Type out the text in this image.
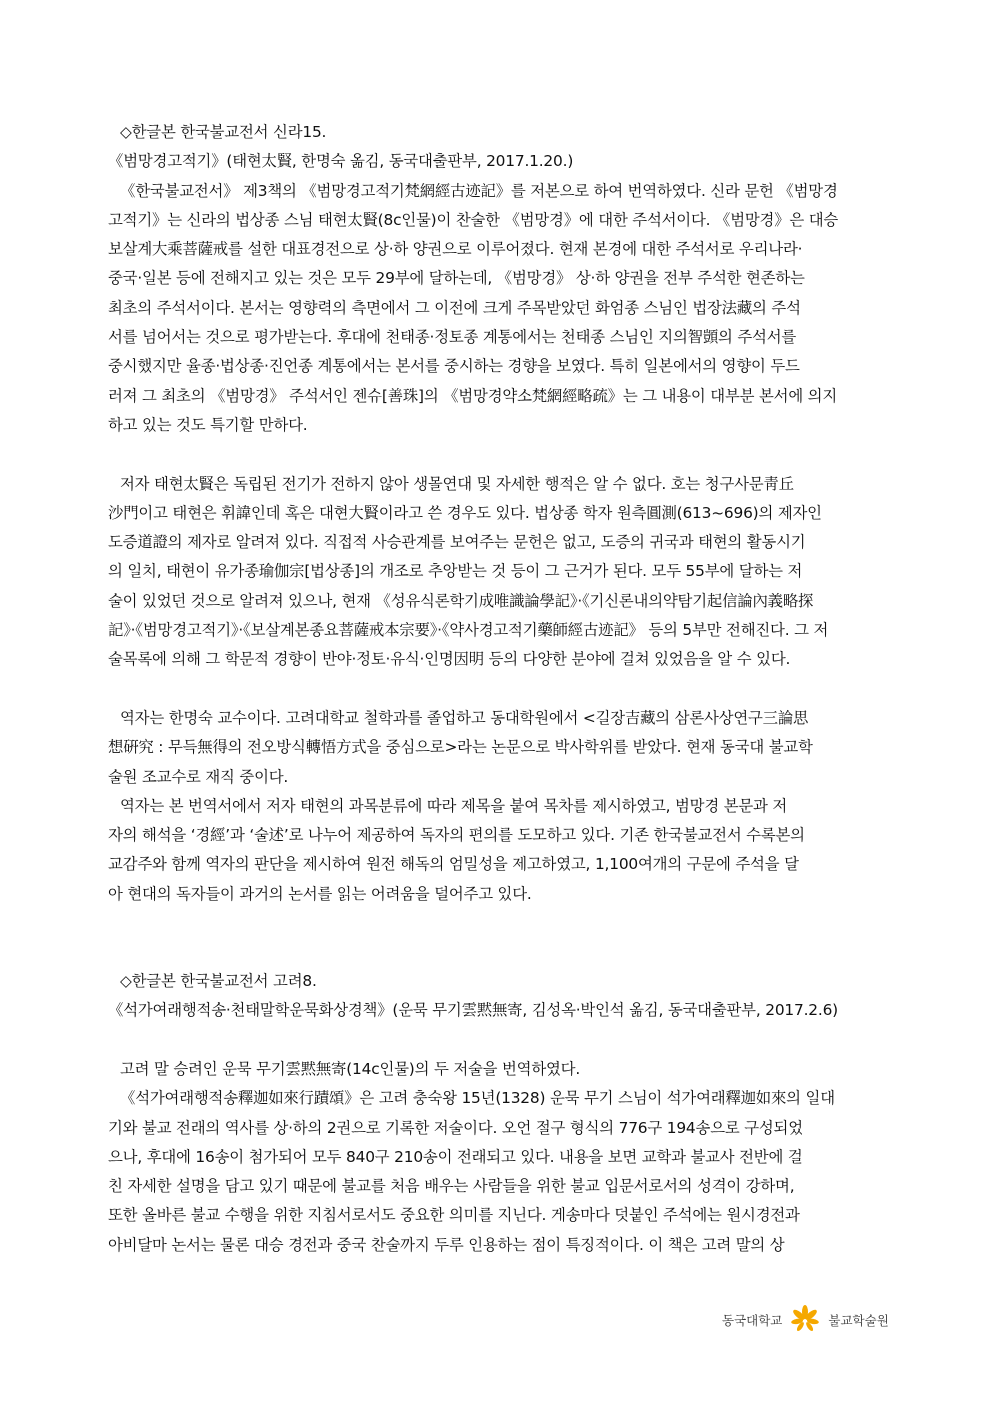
◇한글본 한국불교전서 신라15.
《범망경고적기》(태현太賢, 한명숙 옮김, 동국대출판부, 2017.1.20.)
《한국불교전서》 제3책의 《범망경고적기梵網經古迹記》를 저본으로 하여 번역하였다. 신라 문헌 《범망경
고적기》는 신라의 법상종 스님 태현太賢(8c인물)이 찬술한 《범망경》에 대한 주석서이다. 《범망경》은 대승
보살계大乘菩薩戒를 설한 대표경전으로 상·하 양권으로 이루어졌다. 현재 본경에 대한 주석서로 우리나라·
중국·일본 등에 전해지고 있는 것은 모두 29부에 달하는데, 《범망경》 상·하 양권을 전부 주석한 현존하는
최초의 주석서이다. 본서는 영향력의 측면에서 그 이전에 크게 주목받았던 화엄종 스님인 법장法藏의 주석
서를 넘어서는 것으로 평가받는다. 후대에 천태종·정토종 계통에서는 천태종 스님인 지의智顗의 주석서를
중시했지만 율종·법상종·진언종 계통에서는 본서를 중시하는 경향을 보였다. 특히 일본에서의 영향이 두드
러져 그 최초의 《범망경》 주석서인 젠슈[善珠]의 《범망경약소梵網經略疏》는 그 내용이 대부분 본서에 의지
하고 있는 것도 특기할 만하다.
저자 태현太賢은 독립된 전기가 전하지 않아 생몰연대 및 자세한 행적은 알 수 없다. 호는 청구사문靑丘
沙門이고 태현은 휘諱인데 혹은 대현大賢이라고 쓴 경우도 있다. 법상종 학자 원측圓測(613~696)의 제자인
도증道證의 제자로 알려져 있다. 직접적 사승관계를 보여주는 문헌은 없고, 도증의 귀국과 태현의 활동시기
의 일치, 태현이 유가종瑜伽宗[법상종]의 개조로 추앙받는 것 등이 그 근거가 된다. 모두 55부에 달하는 저
술이 있었던 것으로 알려져 있으나, 현재 《성유식론학기成唯識論學記》·《기신론내의약탐기起信論內義略探
記》·《범망경고적기》·《보살계본종요菩薩戒本宗要》·《약사경고적기藥師經古迹記》 등의 5부만 전해진다. 그 저
술목록에 의해 그 학문적 경향이 반야·정토·유식·인명因明 등의 다양한 분야에 걸쳐 있었음을 알 수 있다.
역자는 한명숙 교수이다. 고려대학교 철학과를 졸업하고 동대학원에서 <길장吉藏의 삼론사상연구三論思
想硏究 : 무득無得의 전오방식轉悟方式을 중심으로>라는 논문으로 박사학위를 받았다. 현재 동국대 불교학
술원 조교수로 재직 중이다.
역자는 본 번역서에서 저자 태현의 과목분류에 따라 제목을 붙여 목차를 제시하였고, 범망경 본문과 저
자의 해석을 ‘경經’과 ‘술述’로 나누어 제공하여 독자의 편의를 도모하고 있다. 기존 한국불교전서 수록본의
교감주와 함께 역자의 판단을 제시하여 원전 해독의 엄밀성을 제고하였고, 1,100여개의 구문에 주석을 달
아 현대의 독자들이 과거의 논서를 읽는 어려움을 덜어주고 있다.
◇한글본 한국불교전서 고려8.
《석가여래행적송·천태말학운묵화상경책》(운묵 무기雲黙無寄, 김성옥·박인석 옮김, 동국대출판부, 2017.2.6)
고려 말 승려인 운묵 무기雲黙無寄(14c인물)의 두 저술을 번역하였다.
《석가여래행적송釋迦如來行蹟頌》은 고려 충숙왕 15년(1328) 운묵 무기 스님이 석가여래釋迦如來의 일대
기와 불교 전래의 역사를 상·하의 2권으로 기록한 저술이다. 오언 절구 형식의 776구 194송으로 구성되었
으나, 후대에 16송이 첨가되어 모두 840구 210송이 전래되고 있다. 내용을 보면 교학과 불교사 전반에 걸
친 자세한 설명을 담고 있기 때문에 불교를 처음 배우는 사람들을 위한 불교 입문서로서의 성격이 강하며,
또한 올바른 불교 수행을 위한 지침서로서도 중요한 의미를 지닌다. 게송마다 덧붙인 주석에는 원시경전과
아비달마 논서는 물론 대승 경전과 중국 찬술까지 두루 인용하는 점이 특징적이다. 이 책은 고려 말의 상
동국대학교	불교학술원
